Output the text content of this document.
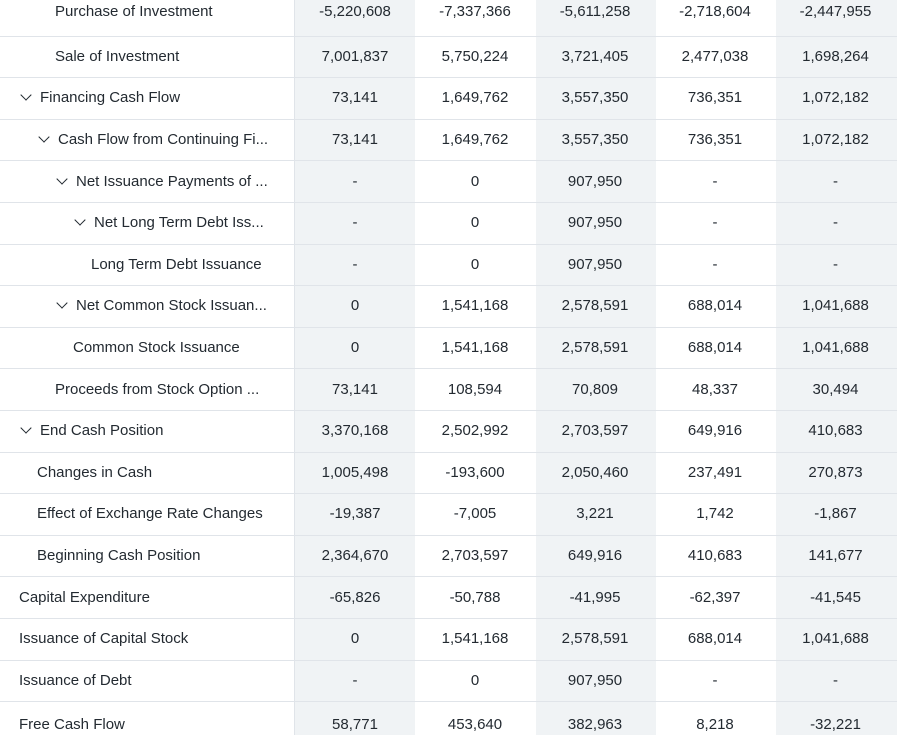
Purchase of Investment	-5,220,608	-7,337,366	-5,611,258	-2,718,604	-2,447,955
Sale of Investment	7,001,837	5,750,224	3,721,405	2,477,038	1,698,264
Financing Cash Flow	73,141	1,649,762	3,557,350	736,351	1,072,182
Cash Flow from Continuing Fi...	73,141	1,649,762	3,557,350	736,351	1,072,182
Net Issuance Payments of ...	-	0	907,950	-	-
Net Long Term Debt Iss...	-	0	907,950	-	-
Long Term Debt Issuance	-	0	907,950	-	-
Net Common Stock Issuan...	0	1,541,168	2,578,591	688,014	1,041,688
Common Stock Issuance	0	1,541,168	2,578,591	688,014	1,041,688
Proceeds from Stock Option ...	73,141	108,594	70,809	48,337	30,494
End Cash Position	3,370,168	2,502,992	2,703,597	649,916	410,683
Changes in Cash	1,005,498	-193,600	2,050,460	237,491	270,873
Effect of Exchange Rate Changes	-19,387	-7,005	3,221	1,742	-1,867
Beginning Cash Position	2,364,670	2,703,597	649,916	410,683	141,677
Capital Expenditure	-65,826	-50,788	-41,995	-62,397	-41,545
Issuance of Capital Stock	0	1,541,168	2,578,591	688,014	1,041,688
Issuance of Debt	-	0	907,950	-	-
Free Cash Flow	58,771	453,640	382,963	8,218	-32,221
